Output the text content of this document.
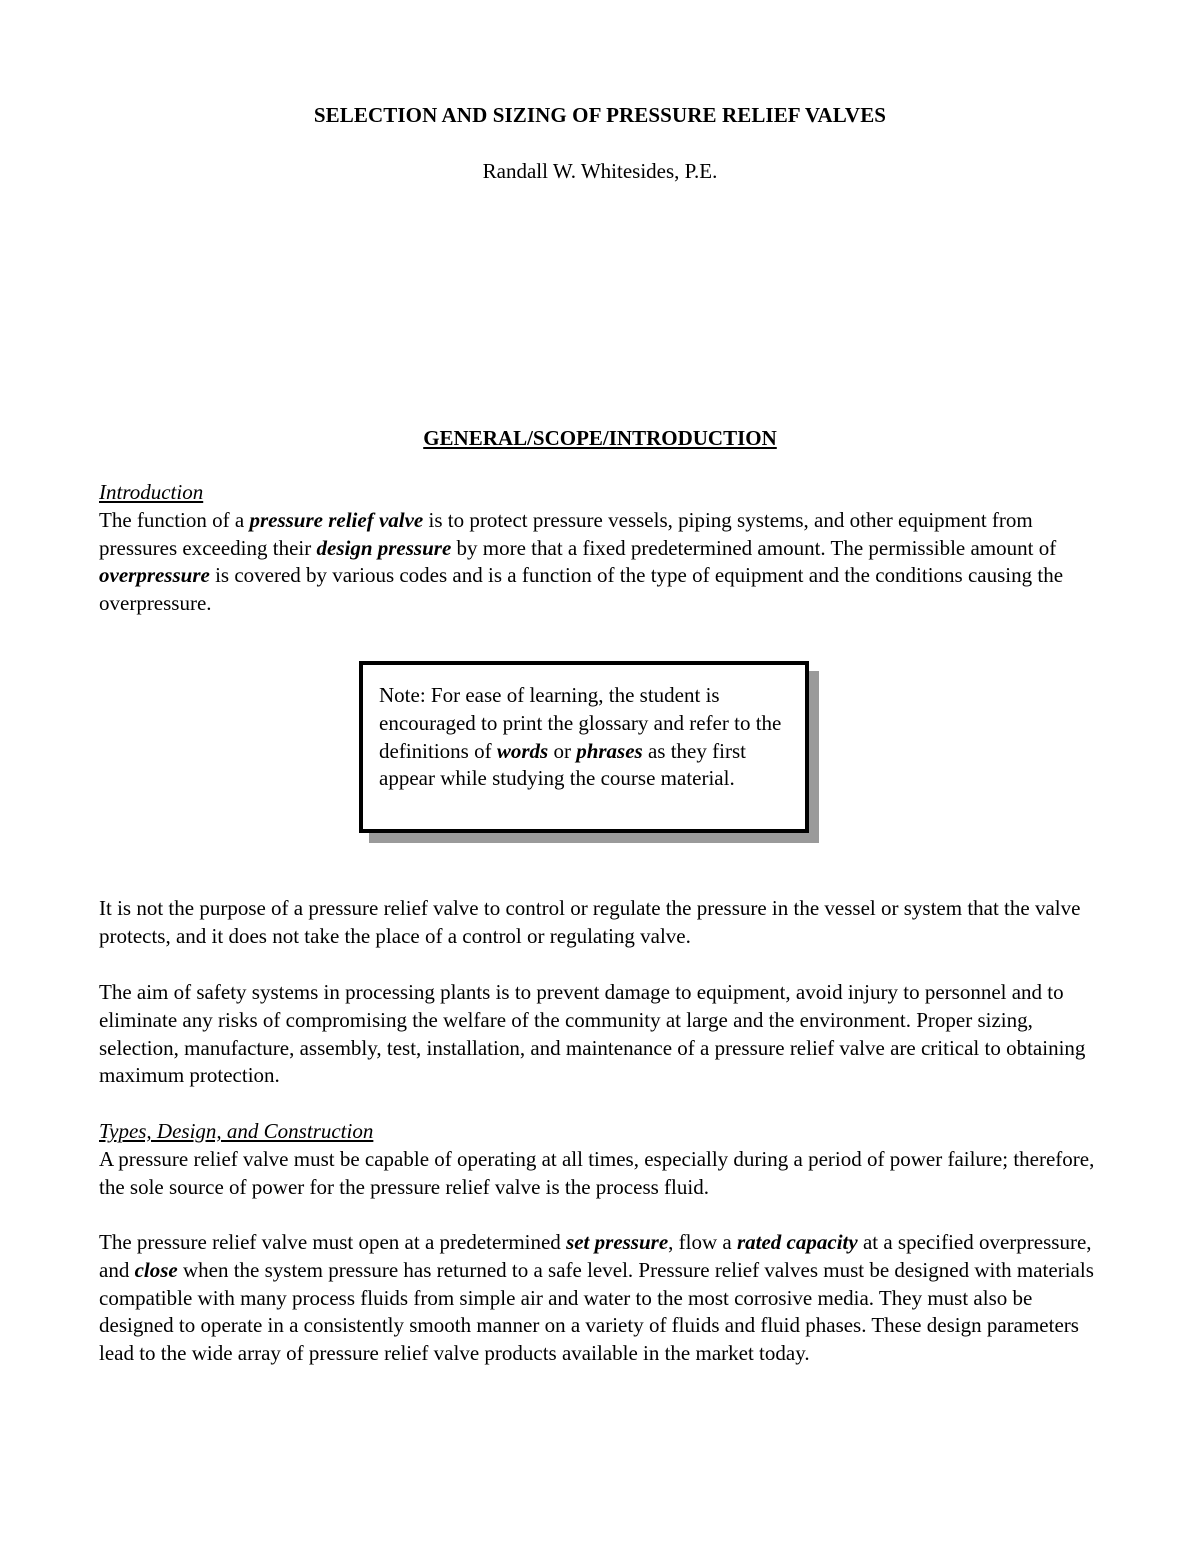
SELECTION AND SIZING OF PRESSURE RELIEF VALVES
Randall W. Whitesides, P.E.
GENERAL/SCOPE/INTRODUCTION
Introduction
The function of a pressure relief valve is to protect pressure vessels, piping systems, and other equipment from pressures exceeding their design pressure by more that a fixed predetermined amount. The permissible amount of overpressure is covered by various codes and is a function of the type of equipment and the conditions causing the overpressure.
Note: For ease of learning, the student is encouraged to print the glossary and refer to the definitions of words or phrases as they first appear while studying the course material.
It is not the purpose of a pressure relief valve to control or regulate the pressure in the vessel or system that the valve protects, and it does not take the place of a control or regulating valve.
The aim of safety systems in processing plants is to prevent damage to equipment, avoid injury to personnel and to eliminate any risks of compromising the welfare of the community at large and the environment. Proper sizing, selection, manufacture, assembly, test, installation, and maintenance of a pressure relief valve are critical to obtaining maximum protection.
Types, Design, and Construction
A pressure relief valve must be capable of operating at all times, especially during a period of power failure; therefore, the sole source of power for the pressure relief valve is the process fluid.
The pressure relief valve must open at a predetermined set pressure, flow a rated capacity at a specified overpressure, and close when the system pressure has returned to a safe level. Pressure relief valves must be designed with materials compatible with many process fluids from simple air and water to the most corrosive media. They must also be designed to operate in a consistently smooth manner on a variety of fluids and fluid phases. These design parameters lead to the wide array of pressure relief valve products available in the market today.
